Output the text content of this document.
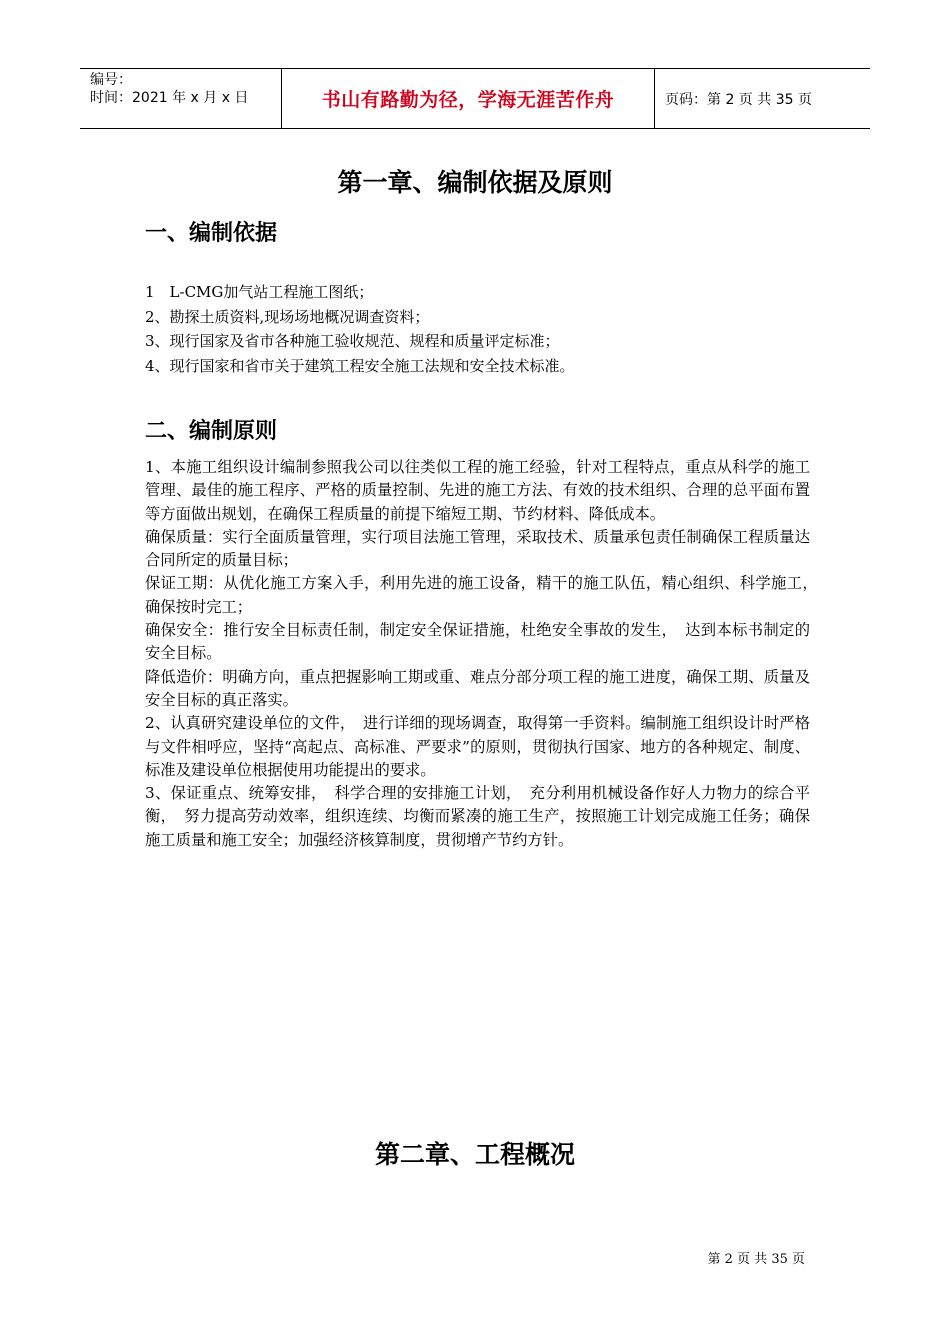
编号：
时间：2021 年 x 月 x 日	书山有路勤为径，学海无涯苦作舟	页码：第 2 页 共 35 页
第一章、编制依据及原则
一、编制依据

1　L-CMG加气站工程施工图纸；

2、勘探土质资料,现场场地概况调查资料；

3、现行国家及省市各种施工验收规范、规程和质量评定标准；

4、现行国家和省市关于建筑工程安全施工法规和安全技术标准。

二、编制原则

1、本施工组织设计编制参照我公司以往类似工程的施工经验，针对工程特点，重点从科学的施工管理、最佳的施工程序、严格的质量控制、先进的施工方法、有效的技术组织、合理的总平面布置等方面做出规划，在确保工程质量的前提下缩短工期、节约材料、降低成本。

确保质量：实行全面质量管理，实行项目法施工管理，采取技术、质量承包责任制确保工程质量达合同所定的质量目标；

保证工期：从优化施工方案入手，利用先进的施工设备，精干的施工队伍，精心组织、科学施工，　确保按时完工；

确保安全：推行安全目标责任制，制定安全保证措施，杜绝安全事故的发生，　达到本标书制定的安全目标。

降低造价：明确方向，重点把握影响工期或重、难点分部分项工程的施工进度，确保工期、质量及安全目标的真正落实。

2、认真研究建设单位的文件，　进行详细的现场调查，取得第一手资料。编制施工组织设计时严格与文件相呼应，坚持“高起点、高标准、严要求”的原则，贯彻执行国家、地方的各种规定、制度、标准及建设单位根据使用功能提出的要求。

3、保证重点、统筹安排，　科学合理的安排施工计划，　充分利用机械设备作好人力物力的综合平衡，　努力提高劳动效率，组织连续、均衡而紧凑的施工生产，按照施工计划完成施工任务；确保施工质量和施工安全；加强经济核算制度，贯彻增产节约方针。

第二章、工程概况
第 2 页 共 35 页
